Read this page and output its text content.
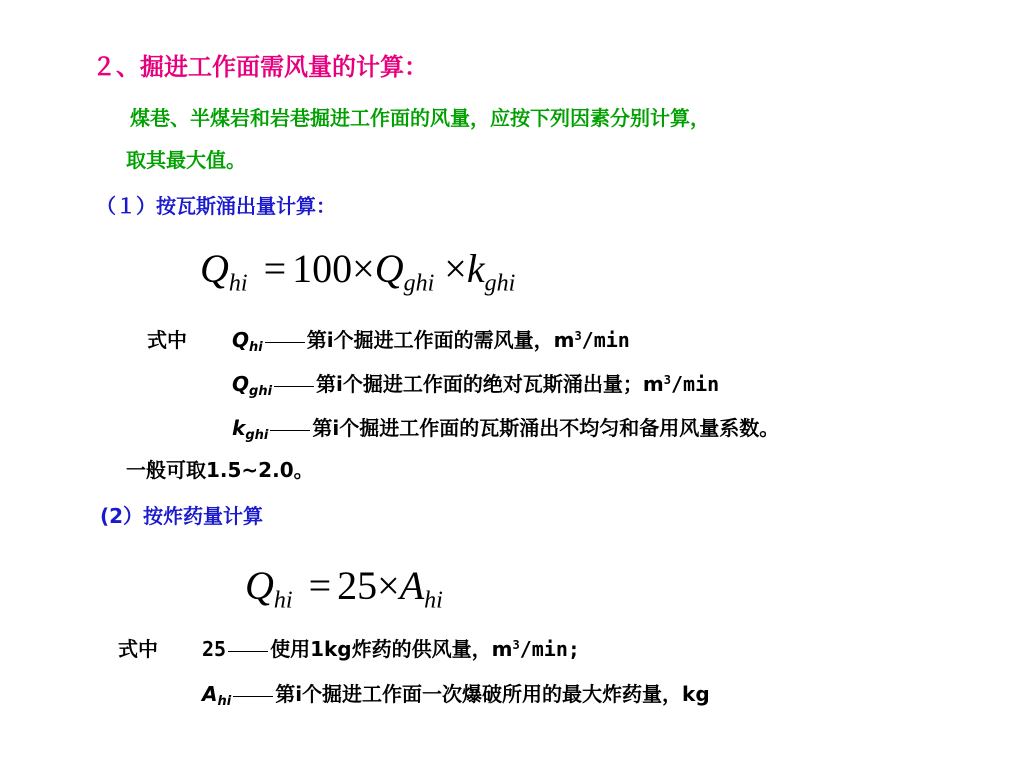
２、掘进工作面需风量的计算：
煤巷、半煤岩和岩巷掘进工作面的风量，应按下列因素分别计算，
取其最大值。
（１）按瓦斯涌出量计算：
$Q_{hi} = 100\times Q_{ghi} \times k_{ghi}$
式中 $Q_{hi}$ 第i个掘进工作面的需风量，$m^3/\min$
$Q_{ghi}$ 第i个掘进工作面的绝对瓦斯涌出量；$m^3/\min$
$k_{ghi}$ 第i个掘进工作面的瓦斯涌出不均匀和备用风量系数。
一般可取1.5~2.0。
(2）按炸药量计算
$Q_{hi} = 25\times A_{hi}$
式中 25 使用1kg炸药的供风量，$m^3/\min$;
$A_{hi}$ 第i个掘进工作面一次爆破所用的最大炸药量，kg
